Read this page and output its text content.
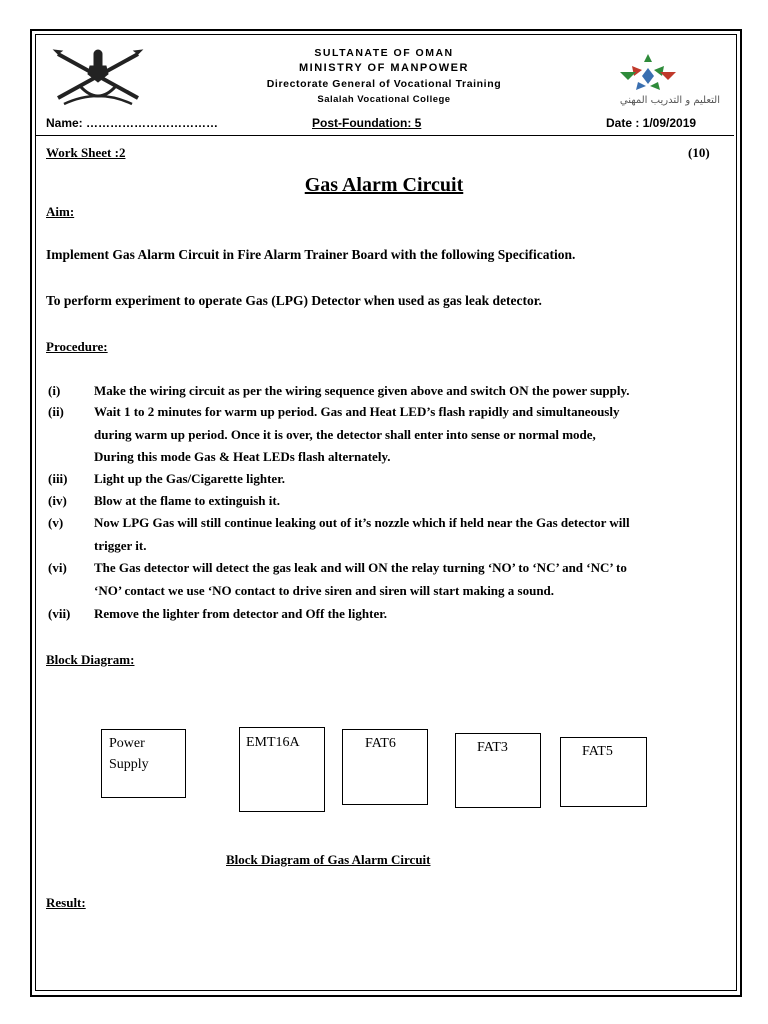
SULTANATE OF OMAN
MINISTRY OF MANPOWER
Directorate General of Vocational Training
Salalah Vocational College	التعليم و التدريب المهني
Name: ……………………………	Post-Foundation: 5	Date : 1/09/2019
Work Sheet :2	(10)
Gas Alarm Circuit
Aim:
Implement Gas Alarm Circuit in Fire Alarm Trainer Board with the following Specification.
To perform experiment to operate Gas (LPG) Detector when used as gas leak detector.
Procedure:
(i)	Make the wiring circuit as per the wiring sequence given above and switch ON the power supply.
(ii) Wait 1 to 2 minutes for warm up period. Gas and Heat LED’s flash rapidly and simultaneously
during warm up period. Once it is over, the detector shall enter into sense or normal mode,
During this mode Gas & Heat LEDs flash alternately.
(iii) Light up the Gas/Cigarette lighter.
(iv) Blow at the flame to extinguish it.
(v) Now LPG Gas will still continue leaking out of it’s nozzle which if held near the Gas detector will
trigger it.
(vi) The Gas detector will detect the gas leak and will ON the relay turning ‘NO’ to ‘NC’ and ‘NC’ to
‘NO’ contact we use ‘NO contact to drive siren and siren will start making a sound.
(vii) Remove the lighter from detector and Off the lighter.
Block Diagram:
Power
Supply
EMT16A	FAT6	FAT3	FAT5
Block Diagram of Gas Alarm Circuit
Result:
